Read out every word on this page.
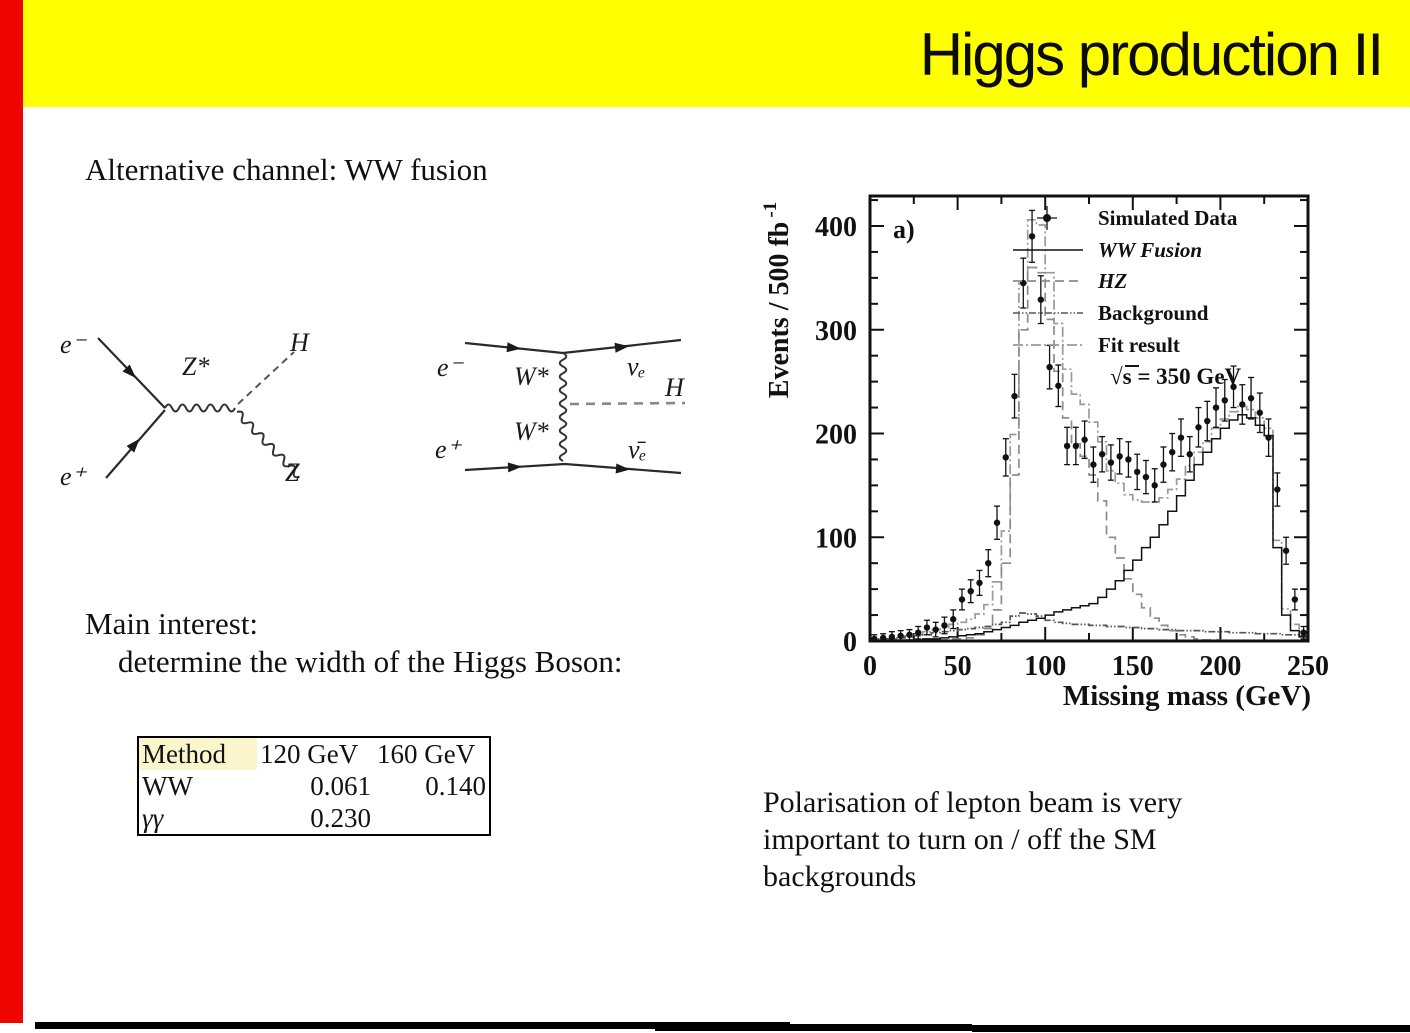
Higgs production II
Alternative channel: WW fusion
e⁻
e⁺
Z*
H
Z
e⁻
e⁺
W*
W*
νₑ
ν̄ₑ
H
Main interest:
determine the width of the Higgs Boson:
Polarisation of lepton beam is very
important to turn on / off the SM
backgrounds
Method	120 GeV	160 GeV
WW	0.061	0.140
γγ	0.230	
0 50 100 150 200 250
0
100
200
300
400 a)
Events / 500 $fb^{-1}$
Missing mass (GeV)
Simulated Data
WW Fusion
HZ
Background
Fit result
√s = 350 GeV
